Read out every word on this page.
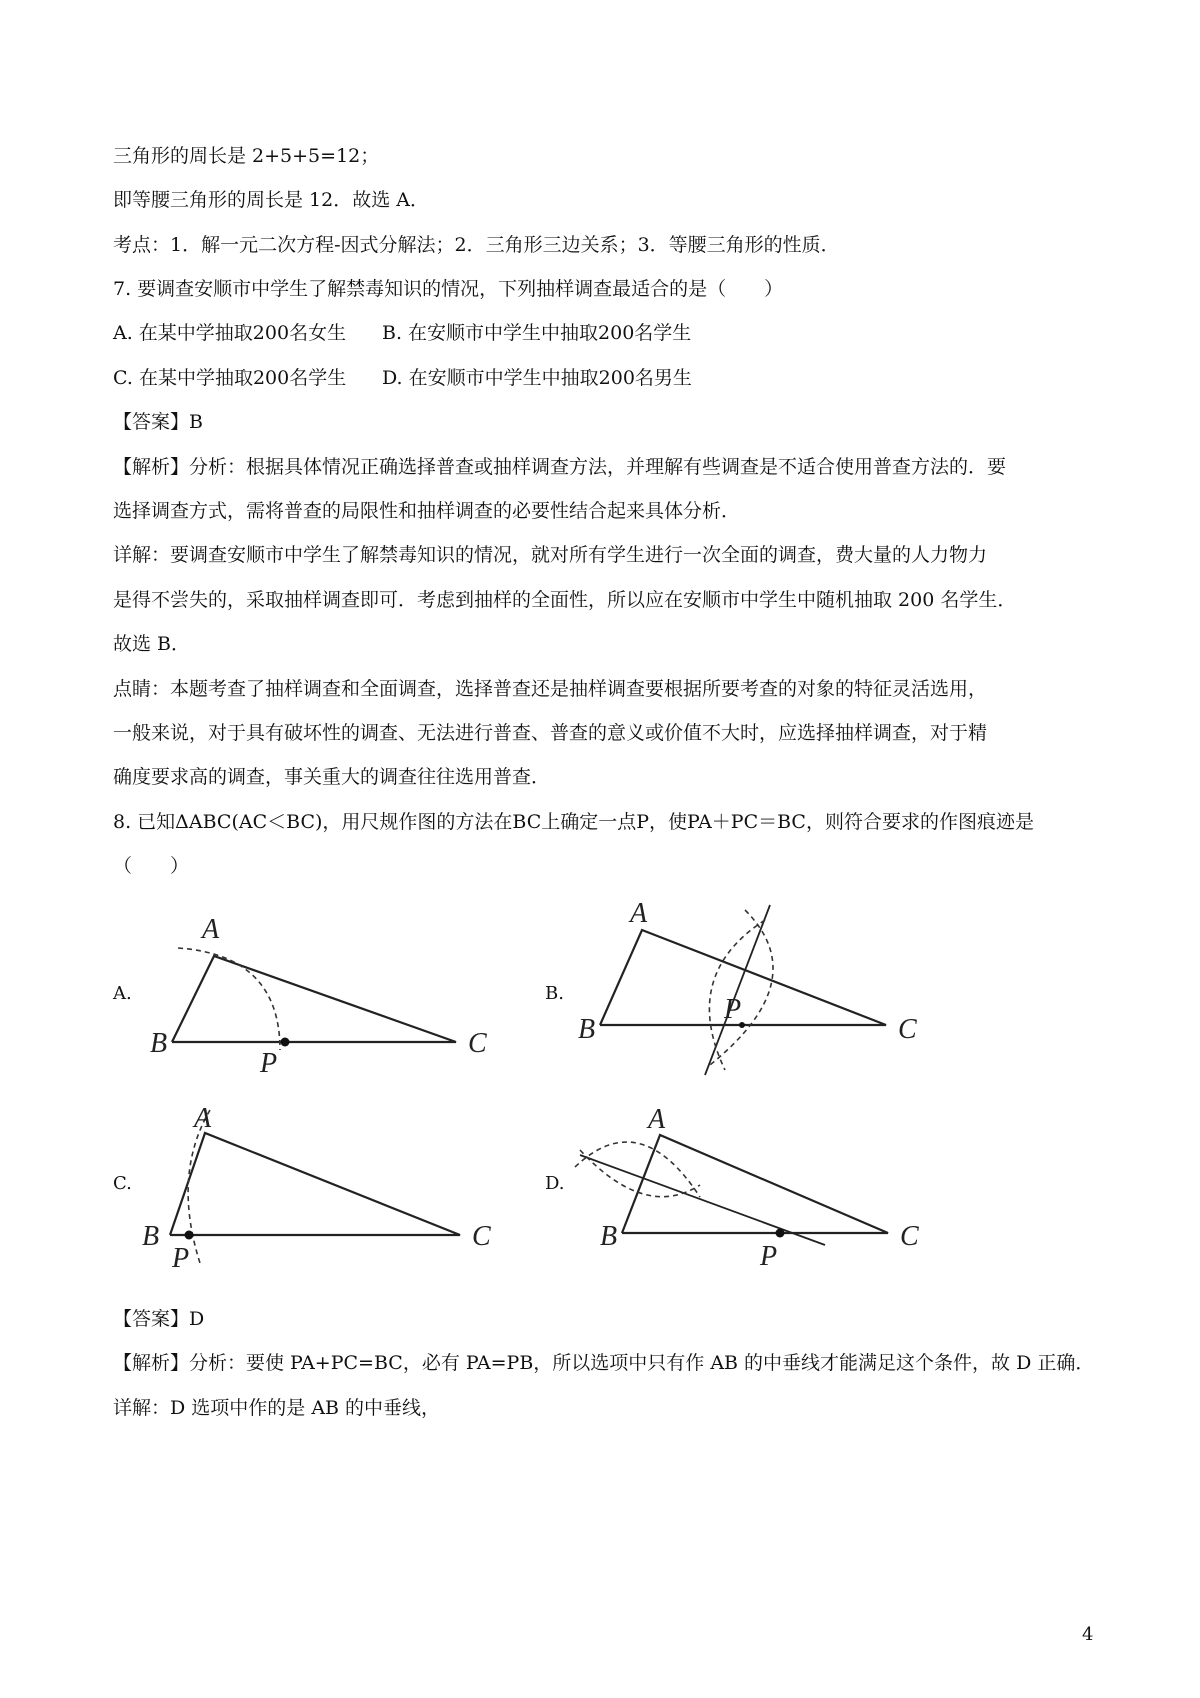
三角形的周长是 2+5+5=12；
即等腰三角形的周长是 12．故选 A．
考点：1．解一元二次方程-因式分解法；2．三角形三边关系；3．等腰三角形的性质．
7. 要调查安顺市中学生了解禁毒知识的情况，下列抽样调查最适合的是（　　）
A. 在某中学抽取200名女生 B. 在安顺市中学生中抽取200名学生
C. 在某中学抽取200名学生 D. 在安顺市中学生中抽取200名男生
【答案】B
【解析】分析：根据具体情况正确选择普查或抽样调查方法，并理解有些调查是不适合使用普查方法的．要
选择调查方式，需将普查的局限性和抽样调查的必要性结合起来具体分析．
详解：要调查安顺市中学生了解禁毒知识的情况，就对所有学生进行一次全面的调查，费大量的人力物力
是得不尝失的，采取抽样调查即可．考虑到抽样的全面性，所以应在安顺市中学生中随机抽取 200 名学生．
故选 B．
点睛：本题考查了抽样调查和全面调查，选择普查还是抽样调查要根据所要考查的对象的特征灵活选用，
一般来说，对于具有破坏性的调查、无法进行普查、普查的意义或价值不大时，应选择抽样调查，对于精
确度要求高的调查，事关重大的调查往往选用普查．
8. 已知ΔABC(AC＜BC)，用尺规作图的方法在BC上确定一点P，使PA＋PC＝BC，则符合要求的作图痕迹是
（　　）
A.	B.
C.	D.
A
B	C
P
A
B	C
P
A
B	C
P
A
B	C
P
【答案】D
【解析】分析：要使 PA+PC=BC，必有 PA=PB，所以选项中只有作 AB 的中垂线才能满足这个条件，故 D 正确．
详解：D 选项中作的是 AB 的中垂线，
4
